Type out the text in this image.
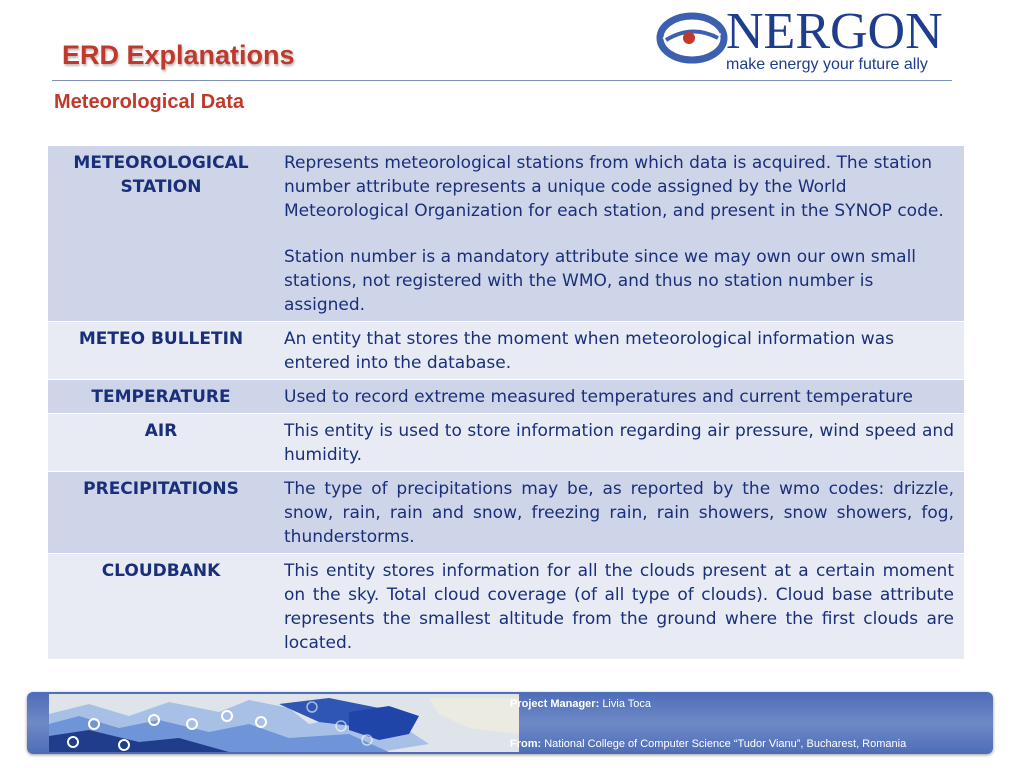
ERD Explanations
Meteorological Data
NERGON
make energy your future ally
METEOROLOGICAL STATION	Represents meteorological stations from which data is acquired. The station number attribute represents a unique code assigned by the World Meteorological Organization for each station, and present in the SYNOP code.
Station number is a mandatory attribute since we may own our own small stations, not registered with the WMO, and thus no station number is assigned.

METEO BULLETIN	An entity that stores the moment when meteorological information was entered into the database.
TEMPERATURE	Used to record extreme measured temperatures and current temperature
AIR	This entity is used to store information regarding air pressure, wind speed and humidity.
PRECIPITATIONS	The type of precipitations may be, as reported by the wmo codes: drizzle, snow, rain, rain and snow, freezing rain, rain showers, snow showers, fog, thunderstorms.
CLOUDBANK	This entity stores information for all the clouds present at a certain moment on the sky. Total cloud coverage (of all type of clouds). Cloud base attribute represents the smallest altitude from the ground where the first clouds are located.
Project Manager: Livia Toca
From: National College of Computer Science “Tudor Vianu”, Bucharest, Romania
